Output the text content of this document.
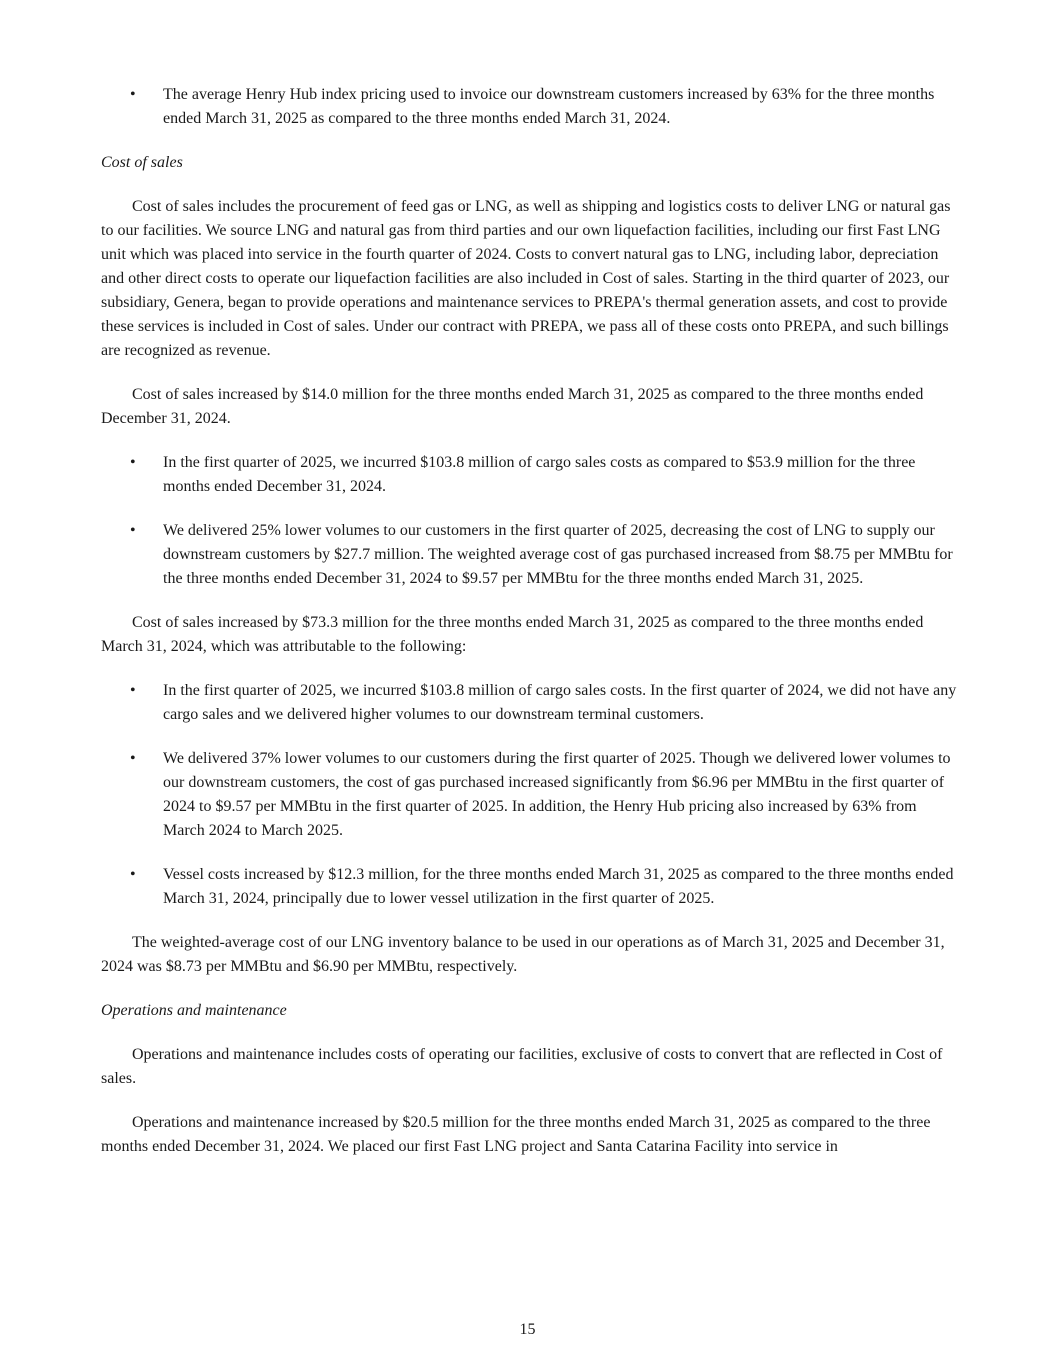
• The average Henry Hub index pricing used to invoice our downstream customers increased by 63% for the three months ended March 31, 2025 as compared to the three months ended March 31, 2024.
Cost of sales

Cost of sales includes the procurement of feed gas or LNG, as well as shipping and logistics costs to deliver LNG or natural gas to our facilities. We source LNG and natural gas from third parties and our own liquefaction facilities, including our first Fast LNG unit which was placed into service in the fourth quarter of 2024. Costs to convert natural gas to LNG, including labor, depreciation and other direct costs to operate our liquefaction facilities are also included in Cost of sales. Starting in the third quarter of 2023, our subsidiary, Genera, began to provide operations and maintenance services to PREPA's thermal generation assets, and cost to provide these services is included in Cost of sales. Under our contract with PREPA, we pass all of these costs onto PREPA, and such billings are recognized as revenue.

Cost of sales increased by $14.0 million for the three months ended March 31, 2025 as compared to the three months ended December 31, 2024.

• In the first quarter of 2025, we incurred $103.8 million of cargo sales costs as compared to $53.9 million for the three months ended December 31, 2024.
• We delivered 25% lower volumes to our customers in the first quarter of 2025, decreasing the cost of LNG to supply our downstream customers by $27.7 million. The weighted average cost of gas purchased increased from $8.75 per MMBtu for the three months ended December 31, 2024 to $9.57 per MMBtu for the three months ended March 31, 2025.

Cost of sales increased by $73.3 million for the three months ended March 31, 2025 as compared to the three months ended March 31, 2024, which was attributable to the following:

• In the first quarter of 2025, we incurred $103.8 million of cargo sales costs. In the first quarter of 2024, we did not have any cargo sales and we delivered higher volumes to our downstream terminal customers.
• We delivered 37% lower volumes to our customers during the first quarter of 2025. Though we delivered lower volumes to our downstream customers, the cost of gas purchased increased significantly from $6.96 per MMBtu in the first quarter of 2024 to $9.57 per MMBtu in the first quarter of 2025. In addition, the Henry Hub pricing also increased by 63% from March 2024 to March 2025.
• Vessel costs increased by $12.3 million, for the three months ended March 31, 2025 as compared to the three months ended March 31, 2024, principally due to lower vessel utilization in the first quarter of 2025.

The weighted-average cost of our LNG inventory balance to be used in our operations as of March 31, 2025 and December 31, 2024 was $8.73 per MMBtu and $6.90 per MMBtu, respectively.

Operations and maintenance

Operations and maintenance includes costs of operating our facilities, exclusive of costs to convert that are reflected in Cost of sales.

Operations and maintenance increased by $20.5 million for the three months ended March 31, 2025 as compared to the three months ended December 31, 2024. We placed our first Fast LNG project and Santa Catarina Facility into service in

15
